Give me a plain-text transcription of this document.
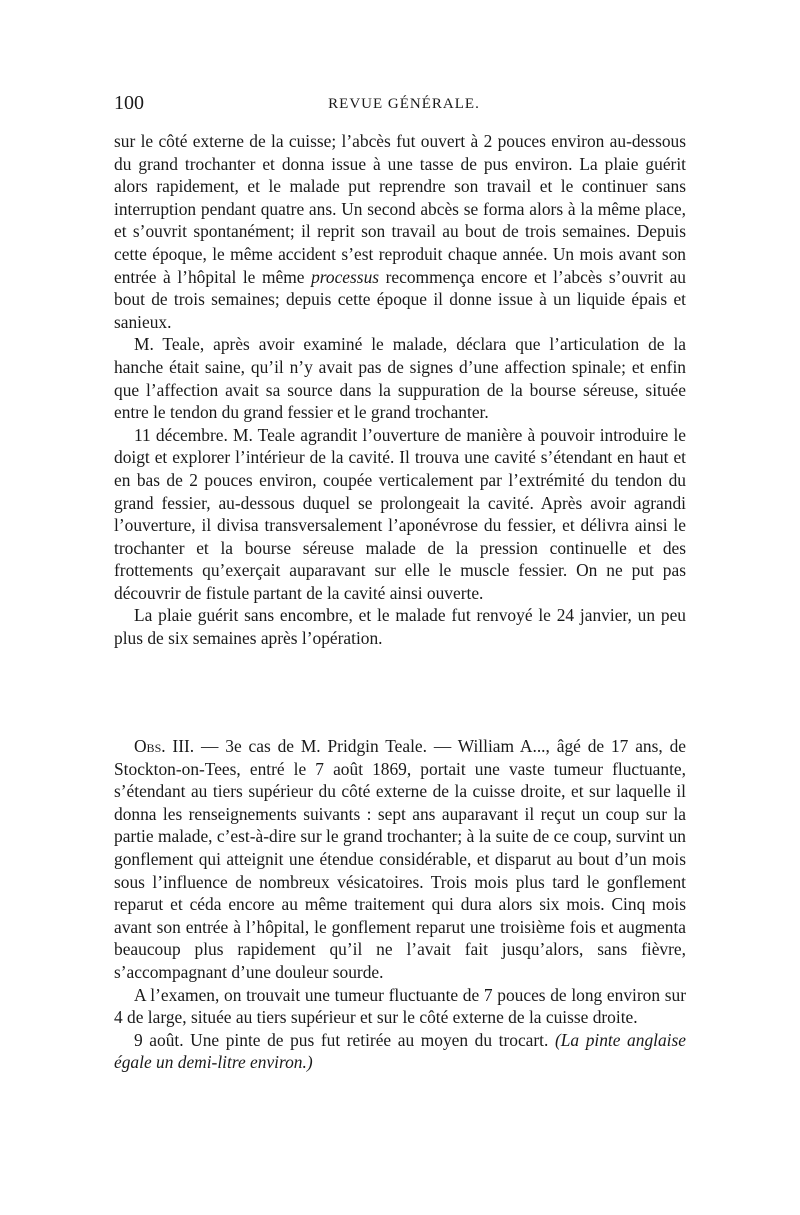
100	REVUE GÉNÉRALE.

sur le côté externe de la cuisse; l’abcès fut ouvert à 2 pouces environ au-dessous du grand trochanter et donna issue à une tasse de pus environ. La plaie guérit alors rapidement, et le malade put reprendre son travail et le continuer sans interruption pendant quatre ans. Un second abcès se forma alors à la même place, et s’ouvrit spontanément; il reprit son travail au bout de trois semaines. Depuis cette époque, le même accident s’est reproduit chaque année. Un mois avant son entrée à l’hôpital le même processus recommença encore et l’abcès s’ouvrit au bout de trois semaines; depuis cette époque il donne issue à un liquide épais et sanieux.

M. Teale, après avoir examiné le malade, déclara que l’articulation de la hanche était saine, qu’il n’y avait pas de signes d’une affection spinale; et enfin que l’affection avait sa source dans la suppuration de la bourse séreuse, située entre le tendon du grand fessier et le grand trochanter.

11 décembre. M. Teale agrandit l’ouverture de manière à pouvoir introduire le doigt et explorer l’intérieur de la cavité. Il trouva une cavité s’étendant en haut et en bas de 2 pouces environ, coupée verticalement par l’extrémité du tendon du grand fessier, au-dessous duquel se prolongeait la cavité. Après avoir agrandi l’ouverture, il divisa transversalement l’aponévrose du fessier, et délivra ainsi le trochanter et la bourse séreuse malade de la pression continuelle et des frottements qu’exerçait auparavant sur elle le muscle fessier. On ne put pas découvrir de fistule partant de la cavité ainsi ouverte.

La plaie guérit sans encombre, et le malade fut renvoyé le 24 janvier, un peu plus de six semaines après l’opération.

Obs. III. — 3e cas de M. Pridgin Teale. — William A..., âgé de 17 ans, de Stockton-on-Tees, entré le 7 août 1869, portait une vaste tumeur fluctuante, s’étendant au tiers supérieur du côté externe de la cuisse droite, et sur laquelle il donna les renseignements suivants : sept ans auparavant il reçut un coup sur la partie malade, c’est-à-dire sur le grand trochanter; à la suite de ce coup, survint un gonflement qui atteignit une étendue considérable, et disparut au bout d’un mois sous l’influence de nombreux vésicatoires. Trois mois plus tard le gonflement reparut et céda encore au même traitement qui dura alors six mois. Cinq mois avant son entrée à l’hôpital, le gonflement reparut une troisième fois et augmenta beaucoup plus rapidement qu’il ne l’avait fait jusqu’alors, sans fièvre, s’accompagnant d’une douleur sourde.

A l’examen, on trouvait une tumeur fluctuante de 7 pouces de long environ sur 4 de large, située au tiers supérieur et sur le côté externe de la cuisse droite.

9 août. Une pinte de pus fut retirée au moyen du trocart. (La pinte anglaise égale un demi-litre environ.)
